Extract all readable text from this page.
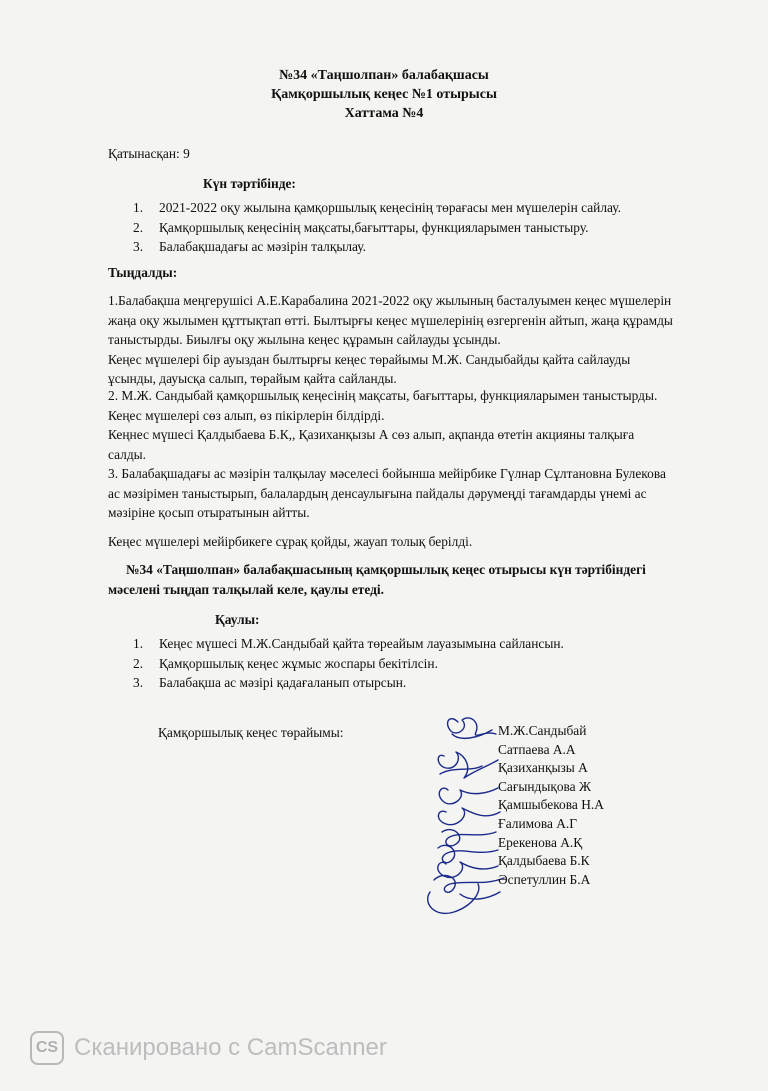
№34 «Таңшолпан» балабақшасы
Қамқоршылық кеңес №1 отырысы
Хаттама №4
Қатынасқан: 9
Күн тәртібінде:
1. 2021-2022 оқу жылына қамқоршылық кеңесінің төрағасы мен мүшелерін сайлау.
2. Қамқоршылық кеңесінің мақсаты,бағыттары, функцияларымен таныстыру.
3. Балабақшадағы ас мәзірін талқылау.
Тыңдалды:
1.Балабақша меңгерушісі А.Е.Карабалина 2021-2022 оқу жылының басталуымен кеңес мүшелерін
жаңа оқу жылымен құттықтап өтті. Былтырғы кеңес мүшелерінің өзгергенін айтып, жаңа құрамды
таныстырды. Биылғы оқу жылына кеңес құрамын сайлауды ұсынды.
Кеңес мүшелері бір ауыздан былтырғы кеңес төрайымы М.Ж. Сандыбайды қайта сайлауды
ұсынды, дауысқа салып, төрайым қайта сайланды.
2. М.Ж. Сандыбай қамқоршылық кеңесінің мақсаты, бағыттары, функцияларымен таныстырды.
Кеңес мүшелері сөз алып, өз пікірлерін білдірді.
Кеңнес мүшесі Қалдыбаева Б.К,, Қазиханқызы А сөз алып, ақпанда өтетін акцияны талқыға
салды.
3. Балабақшадағы ас мәзірін талқылау мәселесі бойынша мейірбике Гүлнар Сұлтановна Булекова
ас мәзірімен таныстырып, балалардың денсаулығына пайдалы дәрумеңді тағамдарды үнемі ас
мәзіріне қосып отыратынын айтты.
Кеңес мүшелері мейірбикеге сұрақ қойды, жауап толық берілді.
№34 «Таңшолпан» балабақшасының қамқоршылық кеңес отырысы күн тәртібіндегі
мәселені тыңдап талқылай келе, қаулы етеді.
Қаулы:
1. Кеңес мүшесі М.Ж.Сандыбай қайта төреайым лауазымына сайлансын.
2. Қамқоршылық кеңес жұмыс жоспары бекітілсін.
3. Балабақша ас мәзірі қадағаланып отырсын.
Қамқоршылық кеңес төрайымы:	М.Ж.Сандыбай
Сатпаева А.А
Қазиханқызы А
Сағындықова Ж
Қамшыбекова Н.А
Ғалимова А.Г
Ерекенова А.Қ
Қалдыбаева Б.К
Әспетуллин Б.А
CS Сканировано с CamScanner
